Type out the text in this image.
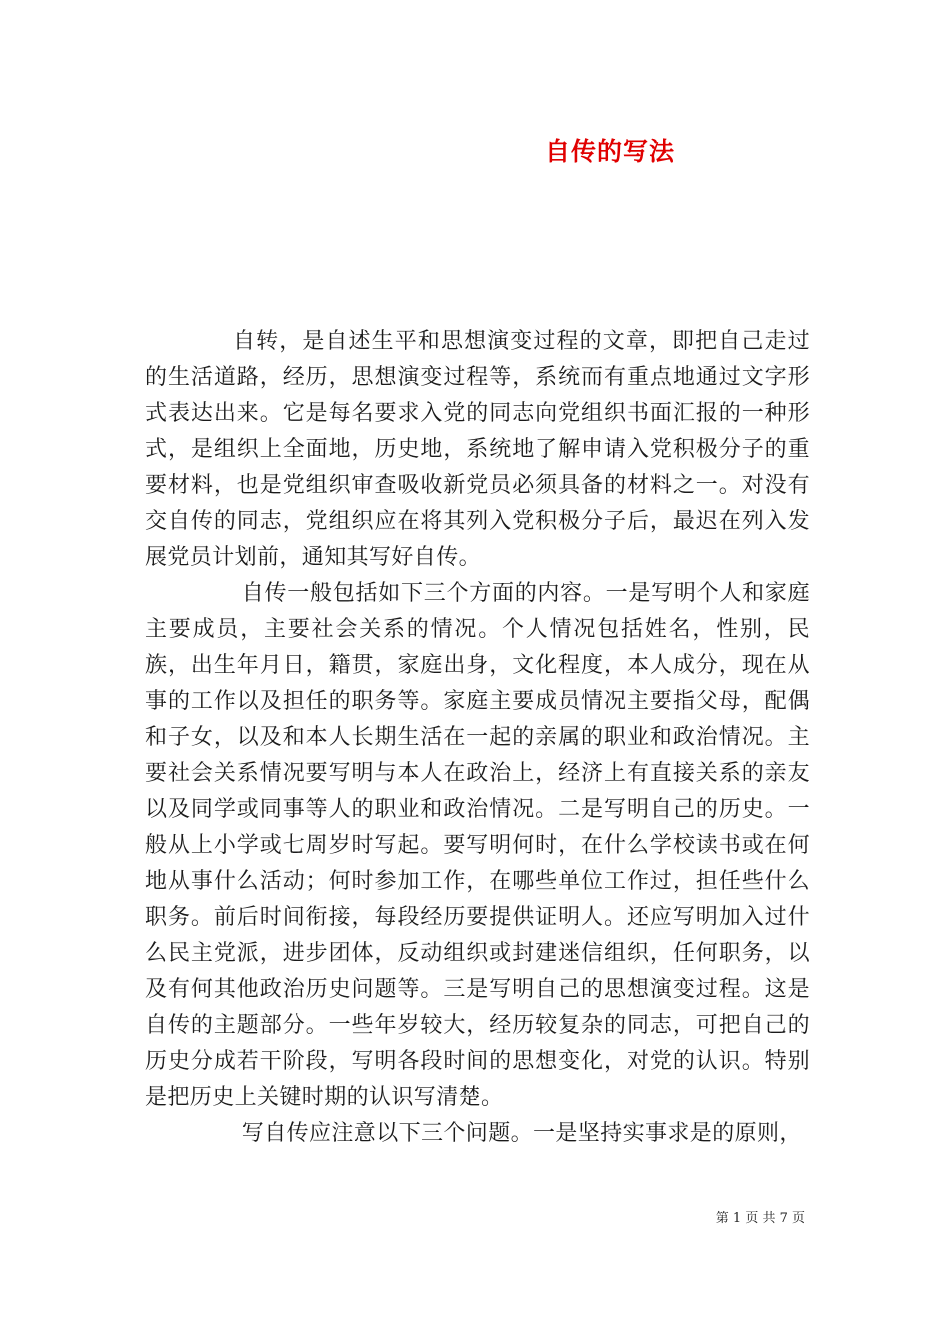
自传的写法

自转，是自述生平和思想演变过程的文章，即把自己走过的生活道路，经历，思想演变过程等，系统而有重点地通过文字形式表达出来。它是每名要求入党的同志向党组织书面汇报的一种形式，是组织上全面地，历史地，系统地了解申请入党积极分子的重要材料，也是党组织审查吸收新党员必须具备的材料之一。对没有交自传的同志，党组织应在将其列入党积极分子后，最迟在列入发展党员计划前，通知其写好自传。

自传一般包括如下三个方面的内容。一是写明个人和家庭主要成员，主要社会关系的情况。个人情况包括姓名，性别，民族，出生年月日，籍贯，家庭出身，文化程度，本人成分，现在从事的工作以及担任的职务等。家庭主要成员情况主要指父母，配偶和子女，以及和本人长期生活在一起的亲属的职业和政治情况。主要社会关系情况要写明与本人在政治上，经济上有直接关系的亲友以及同学或同事等人的职业和政治情况。二是写明自己的历史。一般从上小学或七周岁时写起。要写明何时，在什么学校读书或在何地从事什么活动；何时参加工作，在哪些单位工作过，担任些什么职务。前后时间衔接，每段经历要提供证明人。还应写明加入过什么民主党派，进步团体，反动组织或封建迷信组织，任何职务，以及有何其他政治历史问题等。三是写明自己的思想演变过程。这是自传的主题部分。一些年岁较大，经历较复杂的同志，可把自己的历史分成若干阶段，写明各段时间的思想变化，对党的认识。特别是把历史上关键时期的认识写清楚。

写自传应注意以下三个问题。一是坚持实事求是的原则，

第 1 页 共 7 页
